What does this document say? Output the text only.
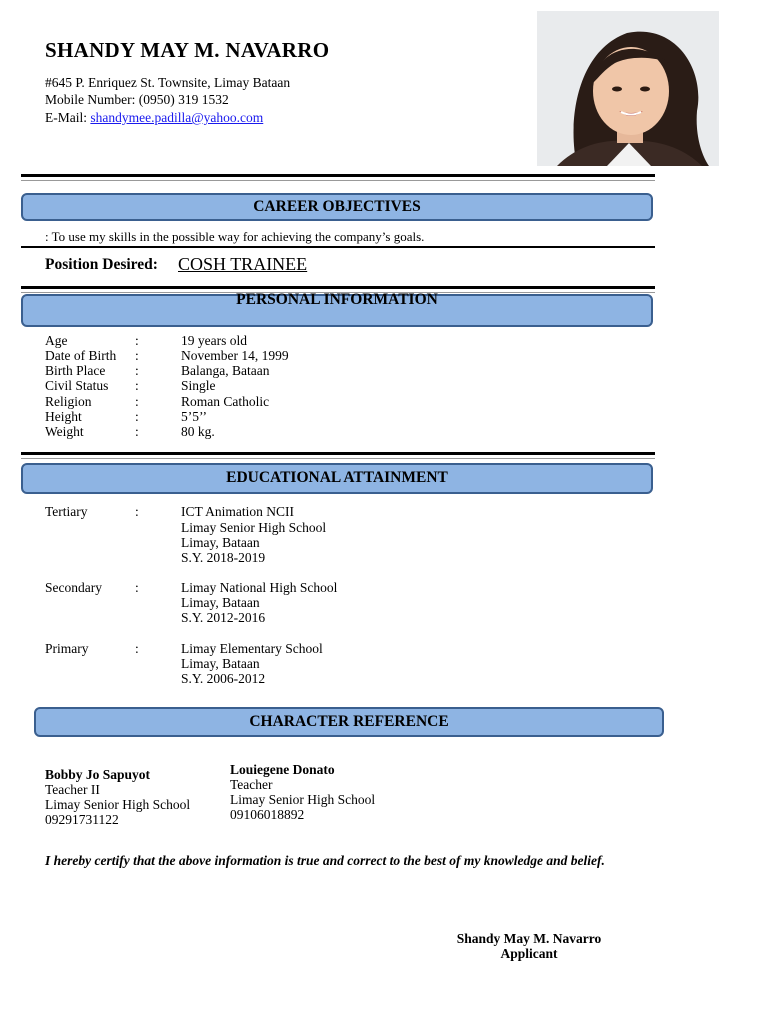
SHANDY MAY M. NAVARRO
#645 P. Enriquez St. Townsite, Limay Bataan
Mobile Number: (0950) 319 1532
E-Mail: shandymee.padilla@yahoo.com
CAREER OBJECTIVES
: To use my skills in the possible way for achieving the company’s goals.
Position Desired: COSH TRAINEE
PERSONAL INFORMATION
Age	:	19 years old
Date of Birth :	November 14, 1999
Birth Place :	Balanga, Bataan
Civil Status :	Single
Religion	:	Roman Catholic
Height	:	5’5’’
Weight	:	80 kg.
EDUCATIONAL ATTAINMENT
Tertiary	:	ICT Animation NCII
Limay Senior High School
Limay, Bataan
S.Y. 2018-2019
Secondary :	Limay National High School
Limay, Bataan
S.Y. 2012-2016
Primary	:	Limay Elementary School
Limay, Bataan
S.Y. 2006-2012
CHARACTER REFERENCE
Bobby Jo Sapuyot
Teacher II
Limay Senior High School
09291731122
Louiegene Donato
Teacher
Limay Senior High School
09106018892
I hereby certify that the above information is true and correct to the best of my knowledge and belief.
Shandy May M. Navarro
Applicant
